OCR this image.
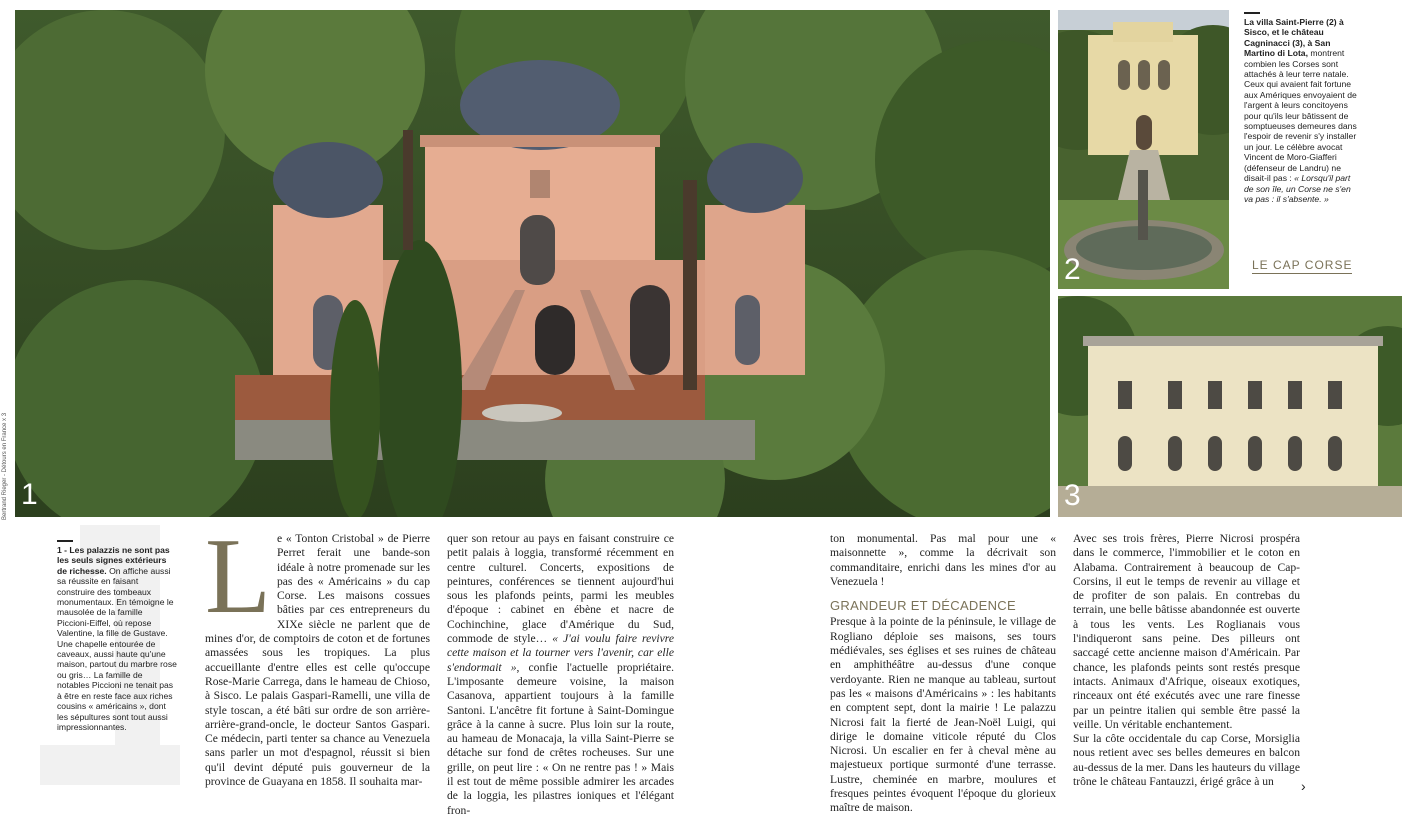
1
2
3
Bertrand Rieger - Détours en France x 3

La villa Saint-Pierre (2) à Sisco, et le château Cagninacci (3), à San Martino di Lota, montrent combien les Corses sont attachés à leur terre natale. Ceux qui avaient fait fortune aux Amériques envoyaient de l'argent à leurs concitoyens pour qu'ils leur bâtissent de somptueuses demeures dans l'espoir de revenir s'y installer un jour. Le célèbre avocat Vincent de Moro-Giafferi (défenseur de Landru) ne disait-il pas : « Lorsqu'il part de son île, un Corse ne s'en va pas : il s'absente. »

LE CAP CORSE

1 - Les palazzis ne sont pas les seuls signes extérieurs de richesse. On affiche aussi sa réussite en faisant construire des tombeaux monumentaux. En témoigne le mausolée de la famille Piccioni-Eiffel, où repose Valentine, la fille de Gustave. Une chapelle entourée de caveaux, aussi haute qu'une maison, partout du marbre rose ou gris… La famille de notables Piccioni ne tenait pas à être en reste face aux riches cousins « américains », dont les sépultures sont tout aussi impressionnantes.

Le « Tonton Cristobal » de Pierre Perret ferait une bande-son idéale à notre promenade sur les pas des « Américains » du cap Corse. Les maisons cossues bâties par ces entrepreneurs du XIXe siècle ne parlent que de mines d'or, de comptoirs de coton et de fortunes amassées sous les tropiques. La plus accueillante d'entre elles est celle qu'occupe Rose-Marie Carrega, dans le hameau de Chioso, à Sisco. Le palais Gaspari-Ramelli, une villa de style toscan, a été bâti sur ordre de son arrière-arrière-grand-oncle, le docteur Santos Gaspari. Ce médecin, parti tenter sa chance au Venezuela sans parler un mot d'espagnol, réussit si bien qu'il devint député puis gouverneur de la province de Guayana en 1858. Il souhaita mar-

quer son retour au pays en faisant construire ce petit palais à loggia, transformé récemment en centre culturel. Concerts, expositions de peintures, conférences se tiennent aujourd'hui sous les plafonds peints, parmi les meubles d'époque : cabinet en ébène et nacre de Cochinchine, glace d'Amérique du Sud, commode de style… « J'ai voulu faire revivre cette maison et la tourner vers l'avenir, car elle s'endormait », confie l'actuelle propriétaire. L'imposante demeure voisine, la maison Casanova, appartient toujours à la famille Santoni. L'ancêtre fit fortune à Saint-Domingue grâce à la canne à sucre. Plus loin sur la route, au hameau de Monacaja, la villa Saint-Pierre se détache sur fond de crêtes rocheuses. Sur une grille, on peut lire : « On ne rentre pas ! » Mais il est tout de même possible admirer les arcades de la loggia, les pilastres ioniques et l'élégant fron-

ton monumental. Pas mal pour une « maisonnette », comme la décrivait son commanditaire, enrichi dans les mines d'or au Venezuela !

GRANDEUR ET DÉCADENCE

Presque à la pointe de la péninsule, le village de Rogliano déploie ses maisons, ses tours médiévales, ses églises et ses ruines de château en amphithéâtre au-dessus d'une conque verdoyante. Rien ne manque au tableau, surtout pas les « maisons d'Américains » : les habitants en comptent sept, dont la mairie ! Le palazzu Nicrosi fait la fierté de Jean-Noël Luigi, qui dirige le domaine viticole réputé du Clos Nicrosi. Un escalier en fer à cheval mène au majestueux portique surmonté d'une terrasse. Lustre, cheminée en marbre, moulures et fresques peintes évoquent l'époque du glorieux maître de maison.

Avec ses trois frères, Pierre Nicrosi prospéra dans le commerce, l'immobilier et le coton en Alabama. Contrairement à beaucoup de Cap-Corsins, il eut le temps de revenir au village et de profiter de son palais. En contrebas du terrain, une belle bâtisse abandonnée est ouverte à tous les vents. Les Roglianais vous l'indiqueront sans peine. Des pilleurs ont saccagé cette ancienne maison d'Américain. Par chance, les plafonds peints sont restés presque intacts. Animaux d'Afrique, oiseaux exotiques, rinceaux ont été exécutés avec une rare finesse par un peintre italien qui semble être passé la veille. Un véritable enchantement.

Sur la côte occidentale du cap Corse, Morsiglia nous retient avec ses belles demeures en balcon au-dessus de la mer. Dans les hauteurs du village trône le château Fantauzzi, érigé grâce à un	›
